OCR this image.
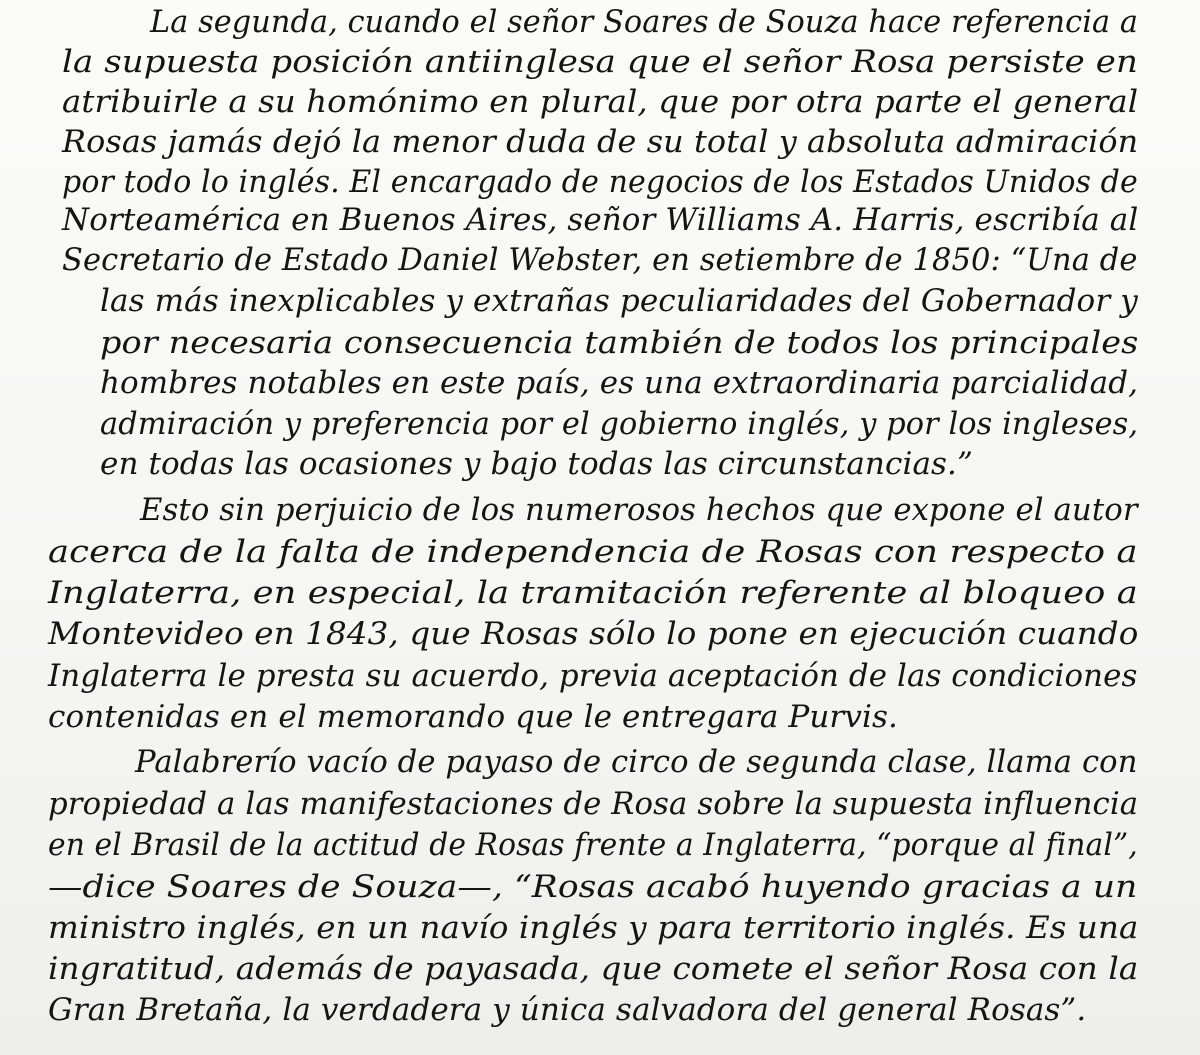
La segunda, cuando el señor Soares de Souza hace referencia a
la supuesta posición antiinglesa que el señor Rosa persiste en
atribuirle a su homónimo en plural, que por otra parte el general
Rosas jamás dejó la menor duda de su total y absoluta admiración
por todo lo inglés. El encargado de negocios de los Estados Unidos de
Norteamérica en Buenos Aires, señor Williams A. Harris, escribía al
Secretario de Estado Daniel Webster, en setiembre de 1850: “Una de
las más inexplicables y extrañas peculiaridades del Gobernador y
por necesaria consecuencia también de todos los principales
hombres notables en este país, es una extraordinaria parcialidad,
admiración y preferencia por el gobierno inglés, y por los ingleses,
en todas las ocasiones y bajo todas las circunstancias.”
Esto sin perjuicio de los numerosos hechos que expone el autor
acerca de la falta de independencia de Rosas con respecto a
Inglaterra, en especial, la tramitación referente al bloqueo a
Montevideo en 1843, que Rosas sólo lo pone en ejecución cuando
Inglaterra le presta su acuerdo, previa aceptación de las condiciones
contenidas en el memorando que le entregara Purvis.
Palabrerío vacío de payaso de circo de segunda clase, llama con
propiedad a las manifestaciones de Rosa sobre la supuesta influencia
en el Brasil de la actitud de Rosas frente a Inglaterra, “porque al final”,
—dice Soares de Souza—, “Rosas acabó huyendo gracias a un
ministro inglés, en un navío inglés y para territorio inglés. Es una
ingratitud, además de payasada, que comete el señor Rosa con la
Gran Bretaña, la verdadera y única salvadora del general Rosas”.
